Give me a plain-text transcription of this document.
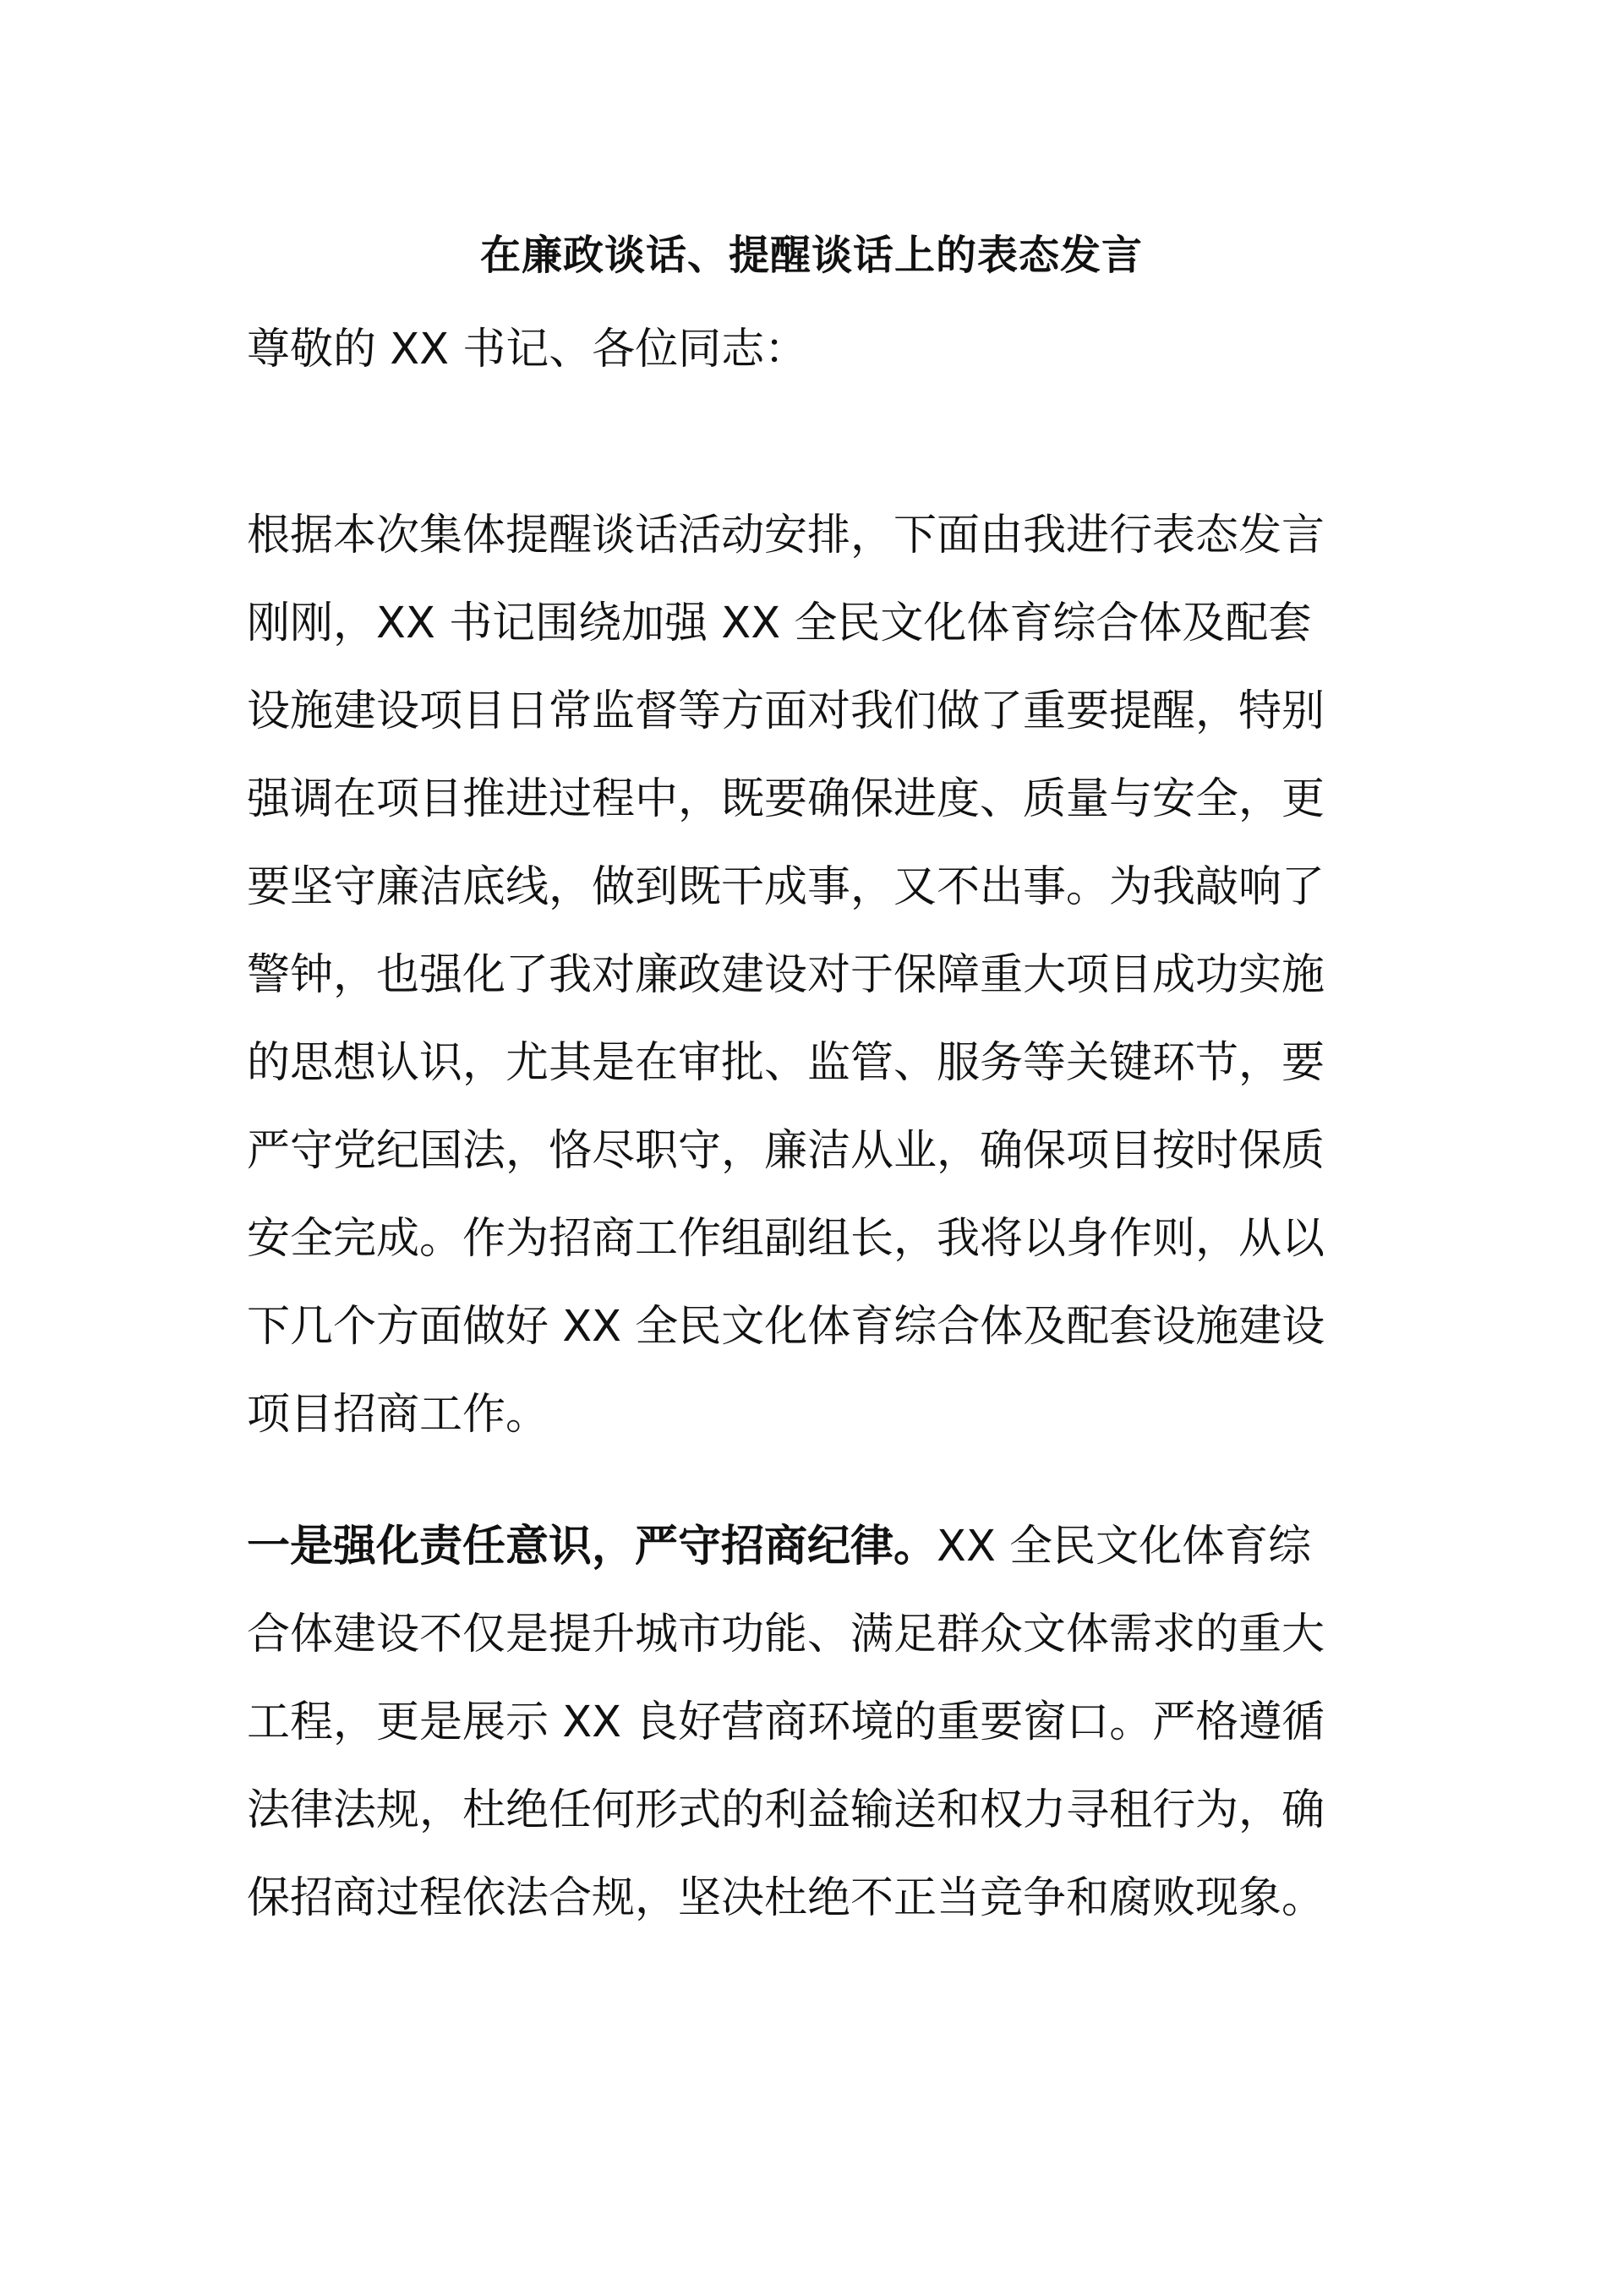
在廉政谈话、提醒谈话上的表态发言

尊敬的 XX 书记、各位同志：

根据本次集体提醒谈话活动安排，下面由我进行表态发言
刚刚，XX 书记围绕加强 XX 全民文化体育综合体及配套
设施建设项目日常监督等方面对我们做了重要提醒，特别
强调在项目推进过程中，既要确保进度、质量与安全，更
要坚守廉洁底线，做到既干成事，又不出事。为我敲响了
警钟，也强化了我对廉政建设对于保障重大项目成功实施
的思想认识，尤其是在审批、监管、服务等关键环节，要
严守党纪国法，恪尽职守，廉洁从业，确保项目按时保质
安全完成。作为招商工作组副组长，我将以身作则，从以
下几个方面做好 XX 全民文化体育综合体及配套设施建设
项目招商工作。
一是强化责任意识，严守招商纪律。XX 全民文化体育综
合体建设不仅是提升城市功能、满足群众文体需求的重大
工程，更是展示 XX 良好营商环境的重要窗口。严格遵循
法律法规，杜绝任何形式的利益输送和权力寻租行为，确
保招商过程依法合规，坚决杜绝不正当竞争和腐败现象。
